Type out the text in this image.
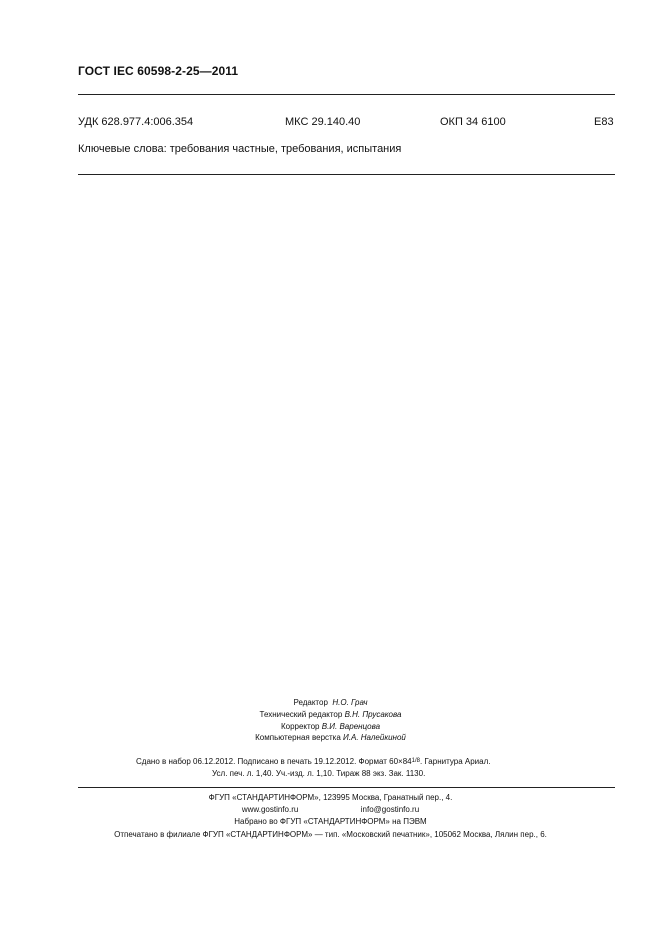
ГОСТ IEC 60598-2-25—2011
УДК 628.977.4:006.354	МКС 29.140.40	ОКП 34 6100	Е83
Ключевые слова: требования частные, требования, испытания
Редактор Н.О. Грач
Технический редактор В.Н. Прусакова
Корректор В.И. Варенцова
Компьютерная верстка И.А. Налейкиной
Сдано в набор 06.12.2012. Подписано в печать 19.12.2012. Формат $60\times 84^{1/8}$. Гарнитура Ариал.
Усл. печ. л. 1,40. Уч.-изд. л. 1,10. Тираж 88 экз. Зак. 1130.
ФГУП «СТАНДАРТИНФОРМ», 123995 Москва, Гранатный пер., 4.
www.gostinfo.ru	info@gostinfo.ru
Набрано во ФГУП «СТАНДАРТИНФОРМ» на ПЭВМ
Отпечатано в филиале ФГУП «СТАНДАРТИНФОРМ» — тип. «Московский печатник», 105062 Москва, Лялин пер., 6.
